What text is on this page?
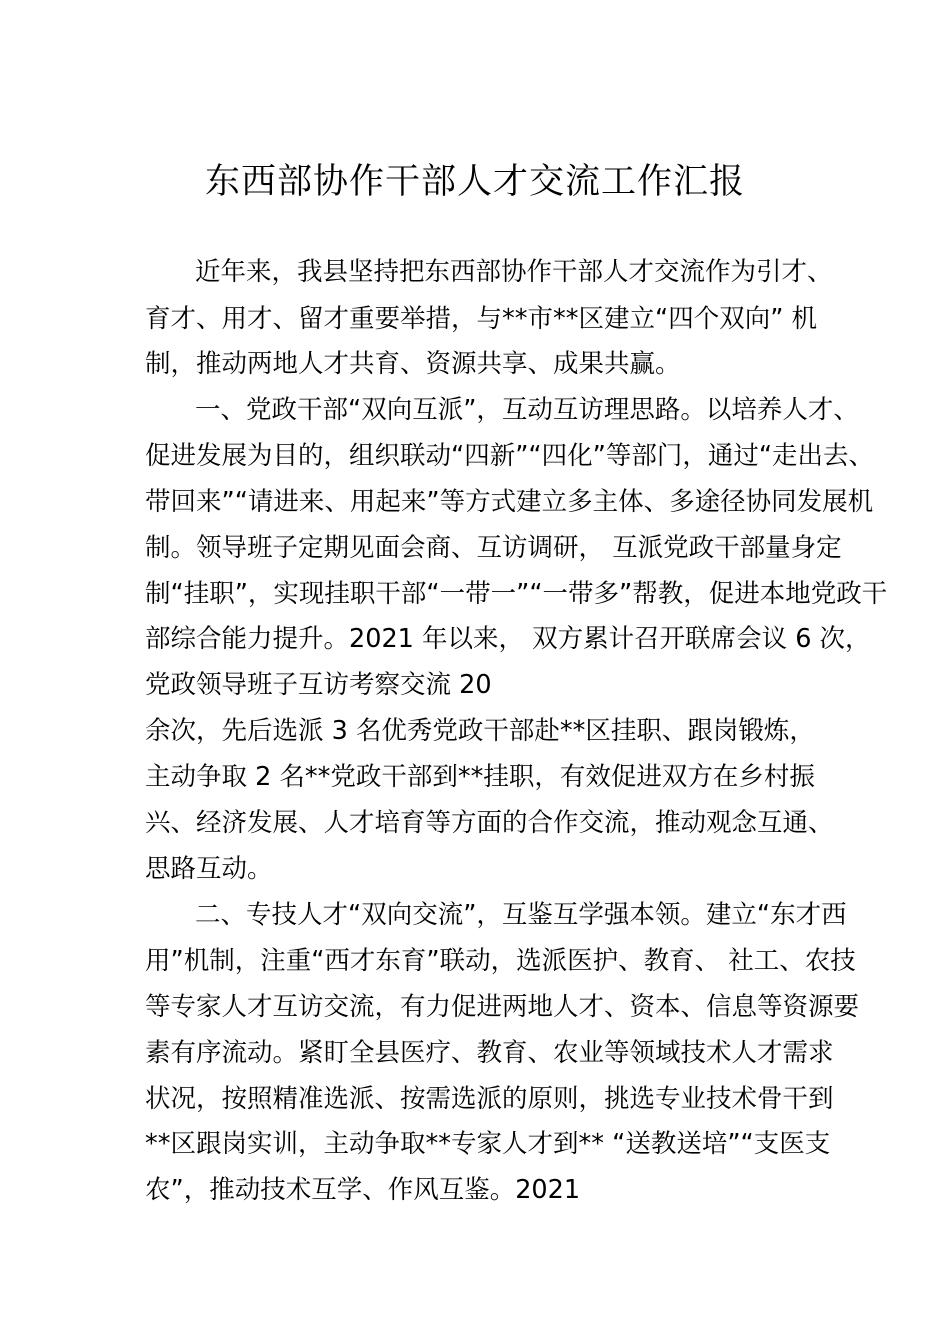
东西部协作干部人才交流工作汇报

近年来，我县坚持把东西部协作干部人才交流作为引才、

育才、用才、留才重要举措，与**市**区建立“四个双向” 机

制，推动两地人才共育、资源共享、成果共赢。

一、党政干部“双向互派”，互动互访理思路。以培养人才、

促进发展为目的，组织联动“四新”“四化”等部门，通过“走出去、

带回来”“请进来、用起来”等方式建立多主体、多途径协同发展机

制。领导班子定期见面会商、互访调研， 互派党政干部量身定

制“挂职”，实现挂职干部“一带一”“一带多”帮教，促进本地党政干

部综合能力提升。2021 年以来， 双方累计召开联席会议 6 次，

党政领导班子互访考察交流 20

余次，先后选派 3 名优秀党政干部赴**区挂职、跟岗锻炼，

主动争取 2 名**党政干部到**挂职，有效促进双方在乡村振

兴、经济发展、人才培育等方面的合作交流，推动观念互通、

思路互动。

二、专技人才“双向交流”，互鉴互学强本领。建立“东才西

用”机制，注重“西才东育”联动，选派医护、教育、 社工、农技

等专家人才互访交流，有力促进两地人才、资本、信息等资源要

素有序流动。紧盯全县医疗、教育、农业等领域技术人才需求

状况，按照精准选派、按需选派的原则，挑选专业技术骨干到

**区跟岗实训，主动争取**专家人才到** “送教送培”“支医支

农”，推动技术互学、作风互鉴。2021
